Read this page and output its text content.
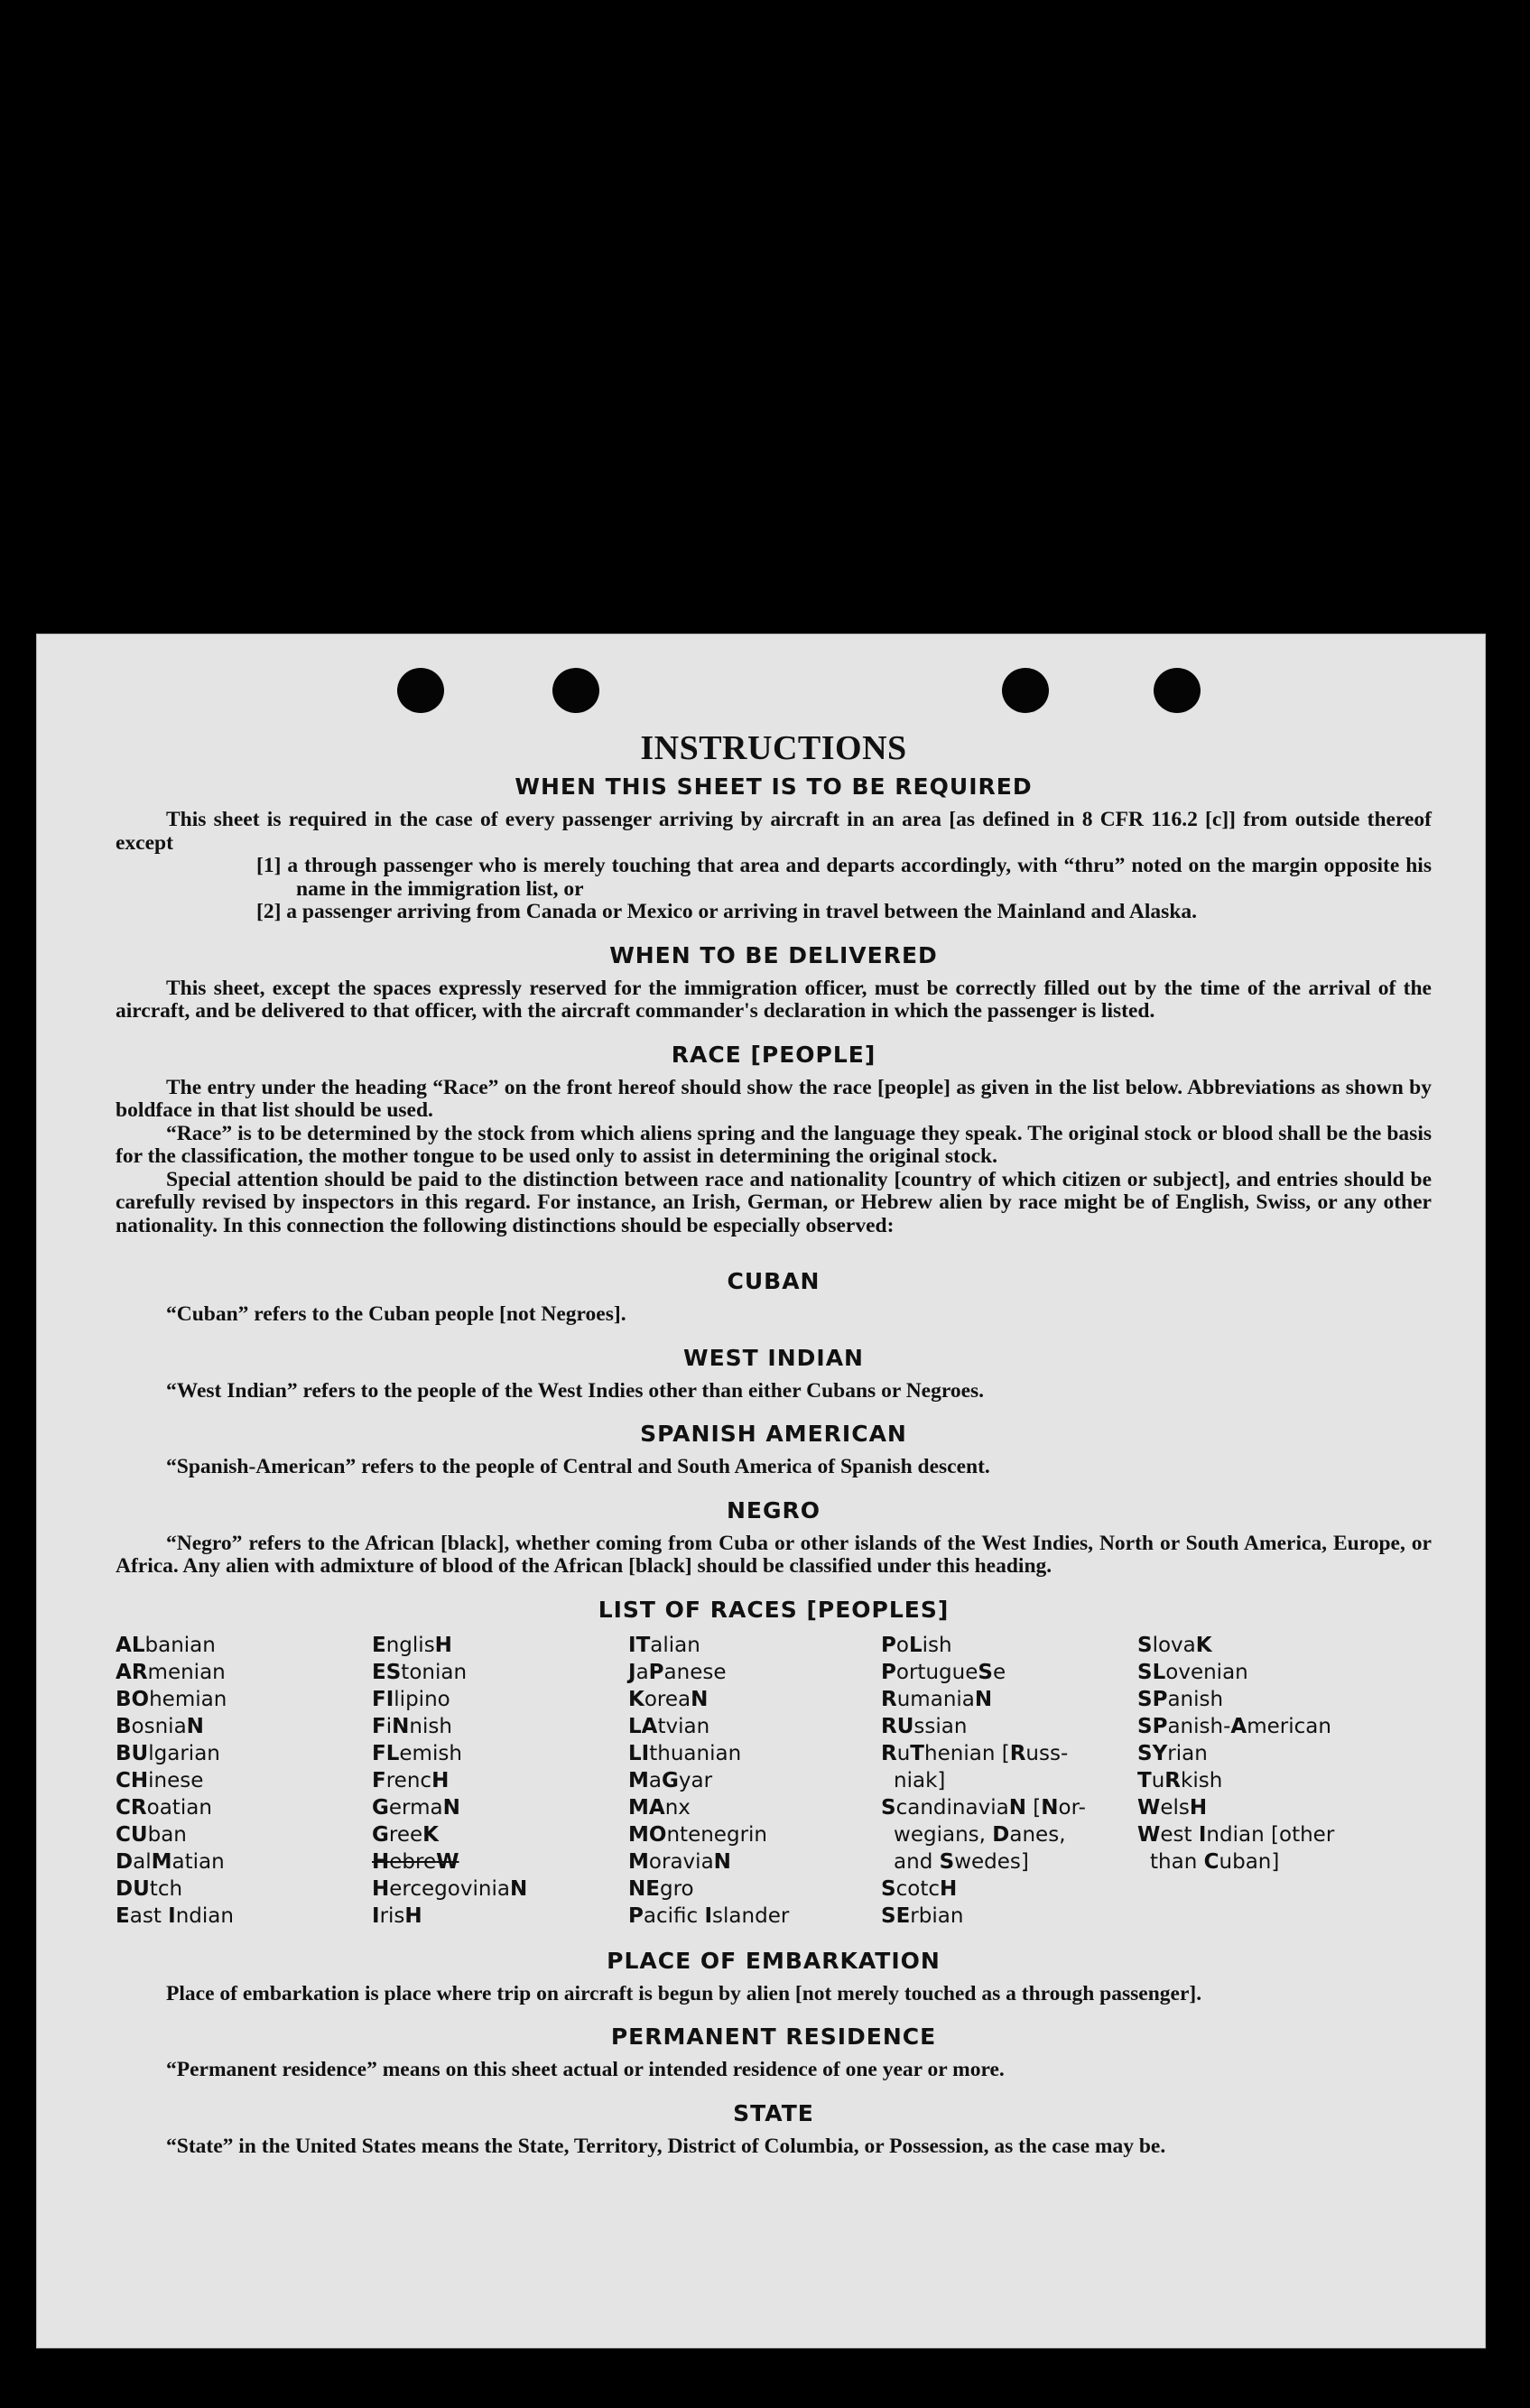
INSTRUCTIONS
WHEN THIS SHEET IS TO BE REQUIRED

This sheet is required in the case of every passenger arriving by aircraft in an area [as defined in 8 CFR 116.2 [c]] from outside thereof except

[1] a through passenger who is merely touching that area and departs accordingly, with “thru” noted on the margin opposite his name in the immigration list, or

[2] a passenger arriving from Canada or Mexico or arriving in travel between the Mainland and Alaska.

WHEN TO BE DELIVERED

This sheet, except the spaces expressly reserved for the immigration officer, must be correctly filled out by the time of the arrival of the aircraft, and be delivered to that officer, with the aircraft commander's declaration in which the passenger is listed.

RACE [PEOPLE]

The entry under the heading “Race” on the front hereof should show the race [people] as given in the list below. Abbreviations as shown by boldface in that list should be used.

“Race” is to be determined by the stock from which aliens spring and the language they speak. The original stock or blood shall be the basis for the classification, the mother tongue to be used only to assist in determining the original stock.

Special attention should be paid to the distinction between race and nationality [country of which citizen or subject], and entries should be carefully revised by inspectors in this regard. For instance, an Irish, German, or Hebrew alien by race might be of English, Swiss, or any other nationality. In this connection the following distinctions should be especially observed:

CUBAN

“Cuban” refers to the Cuban people [not Negroes].

WEST INDIAN

“West Indian” refers to the people of the West Indies other than either Cubans or Negroes.

SPANISH AMERICAN

“Spanish-American” refers to the people of Central and South America of Spanish descent.

NEGRO

“Negro” refers to the African [black], whether coming from Cuba or other islands of the West Indies, North or South America, Europe, or Africa. Any alien with admixture of blood of the African [black] should be classified under this heading.

LIST OF RACES [PEOPLES]
ALbanian
ARmenian
BOhemian
BosniaN
BUlgarian
CHinese
CRoatian
CUban
DalMatian
DUtch
East Indian
EnglisH
EStonian
FIlipino
FiNnish
FLemish
FrencH
GermaN
GreeK
HebreW
HercegoviniaN
IrisH
ITalian
JaPanese
KoreaN
LAtvian
LIthuanian
MaGyar
MAnx
MOntenegrin
MoraviaN
NEgro
Pacifc Islander
PoLish
PortugueSe
RumaniaN
RUssian
RuThenian [Russ-
niak]
ScandinaviaN [Nor-
wegians, Danes,
and Swedes]
ScotcH
SErbian
SlovaK
SLovenian
SPanish
SPanish-American
SYrian
TuRkish
WelsH
West Indian [other
than Cuban]
PLACE OF EMBARKATION

Place of embarkation is place where trip on aircraft is begun by alien [not merely touched as a through passenger].

PERMANENT RESIDENCE

“Permanent residence” means on this sheet actual or intended residence of one year or more.

STATE

“State” in the United States means the State, Territory, District of Columbia, or Possession, as the case may be.
